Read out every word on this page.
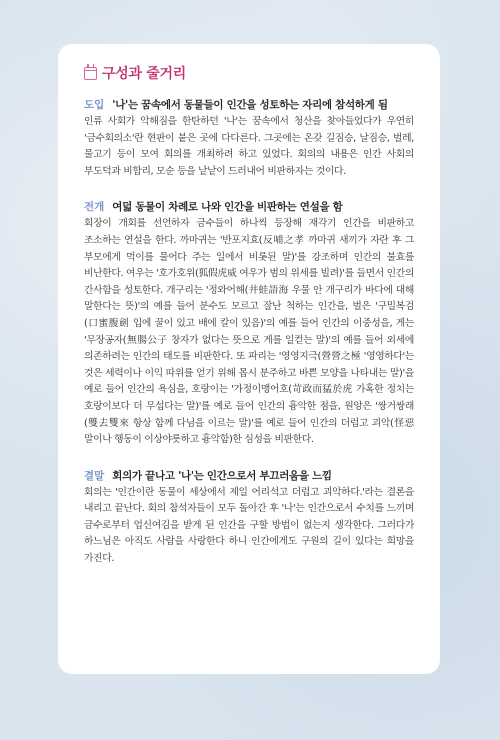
구성과 줄거리
도입 '나'는 꿈속에서 동물들이 인간을 성토하는 자리에 참석하게 됨

인류 사회가 악해짐을 한탄하던 '나'는 꿈속에서 청산을 찾아들었다가 우연히 '금수회의소'란 현판이 붙은 곳에 다다른다. 그곳에는 온갖 길짐승, 날짐승, 벌레, 물고기 등이 모여 회의를 개최하려 하고 있었다. 회의의 내용은 인간 사회의 부도덕과 비합리, 모순 등을 낱낱이 드러내어 비판하자는 것이다.

전개 여덟 동물이 차례로 나와 인간을 비판하는 연설을 함

회장이 개회를 선언하자 금수들이 하나씩 등장해 재각기 인간을 비판하고 조소하는 연설을 한다. 까마귀는 '반포지효(反哺之孝 까마귀 새끼가 자란 후 그 부모에게 먹이를 물어다 주는 일에서 비롯된 말)'를 강조하며 인간의 불효를 비난한다. 여우는 '호가호위(狐假虎威 여우가 범의 위세를 빌려)'를 들면서 인간의 간사함을 성토한다. 개구리는 '정와어해(井蛙語海 우물 안 개구리가 바다에 대해 말한다는 뜻)'의 예를 들어 분수도 모르고 잘난 척하는 인간을, 벌은 '구밀복검(口蜜腹劍 입에 꿀이 있고 배에 칼이 있음)'의 예를 들어 인간의 이중성을, 게는 '무장공자(無腸公子 창자가 없다는 뜻으로 게를 일컫는 말)'의 예를 들어 외세에 의존하려는 인간의 태도를 비판한다. 또 파리는 '영영지극(營營之極 '영영하다'는 것은 세력이나 이익 따위를 얻기 위해 몹시 분주하고 바쁜 모양을 나타내는 말)'을 예로 들어 인간의 욕심을, 호랑이는 '가정이맹어호(苛政而猛於虎 가혹한 정치는 호랑이보다 더 무섭다는 말)'를 예로 들어 인간의 흉악한 점을, 원앙은 '쌍거쌍래(雙去雙來 항상 함께 다님을 이르는 말)'를 예로 들어 인간의 더럽고 괴악(怪惡 말이나 행동이 이상야릇하고 흉악함)한 심성을 비판한다.

결말 회의가 끝나고 '나'는 인간으로서 부끄러움을 느낌

회의는 '인간이란 동물이 세상에서 제일 어리석고 더럽고 괴악하다.'라는 결론을 내리고 끝난다. 회의 참석자들이 모두 돌아간 후 '나'는 인간으로서 수치를 느끼며 금수로부터 업신여김을 받게 된 인간을 구할 방법이 없는지 생각한다. 그러다가 하느님은 아직도 사람을 사랑한다 하니 인간에게도 구원의 길이 있다는 희망을 가진다.
